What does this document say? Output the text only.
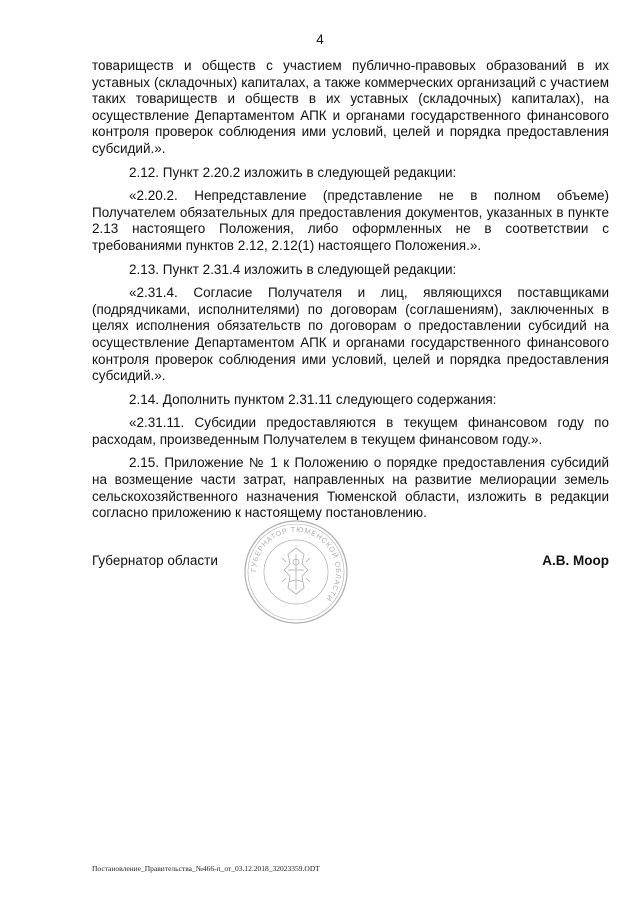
4

товариществ и обществ с участием публично-правовых образований в их уставных (складочных) капиталах, а также коммерческих организаций с участием таких товариществ и обществ в их уставных (складочных) капиталах), на осуществление Департаментом АПК и органами государственного финансового контроля проверок соблюдения ими условий, целей и порядка предоставления субсидий.».

2.12. Пункт 2.20.2 изложить в следующей редакции:

«2.20.2. Непредставление (представление не в полном объеме) Получателем обязательных для предоставления документов, указанных в пункте 2.13 настоящего Положения, либо оформленных не в соответствии с требованиями пунктов 2.12, 2.12(1) настоящего Положения.».

2.13. Пункт 2.31.4 изложить в следующей редакции:

«2.31.4. Согласие Получателя и лиц, являющихся поставщиками (подрядчиками, исполнителями) по договорам (соглашениям), заключенных в целях исполнения обязательств по договорам о предоставлении субсидий на осуществление Департаментом АПК и органами государственного финансового контроля проверок соблюдения ими условий, целей и порядка предоставления субсидий.».

2.14. Дополнить пунктом 2.31.11 следующего содержания:

«2.31.11. Субсидии предоставляются в текущем финансовом году по расходам, произведенным Получателем в текущем финансовом году.».

2.15. Приложение № 1 к Положению о порядке предоставления субсидий на возмещение части затрат, направленных на развитие мелиорации земель сельскохозяйственного назначения Тюменской области, изложить в редакции согласно приложению к настоящему постановлению.

ГУБЕРНАТОР ТЮМЕНСКОЙ ОБЛАСТИ
Губернатор области	А.В. Моор
Постановление_Правительства_№466-п_от_03.12.2018_32023359.ODT
